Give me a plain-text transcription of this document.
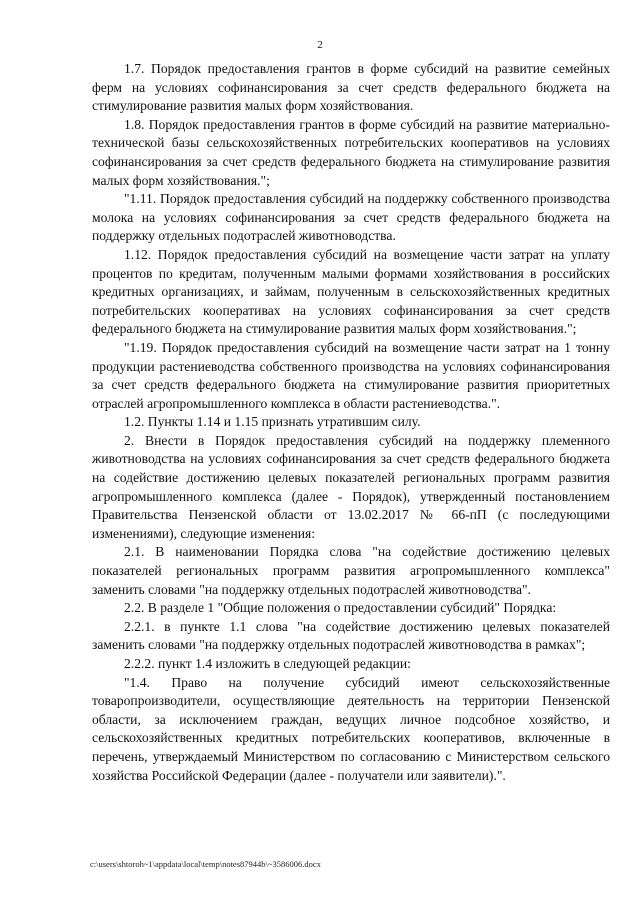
2

1.7. Порядок предоставления грантов в форме субсидий на развитие семейных ферм на условиях софинансирования за счет средств федерального бюджета на стимулирование развития малых форм хозяйствования.

1.8. Порядок предоставления грантов в форме субсидий на развитие материально-технической базы сельскохозяйственных потребительских кооперативов на условиях софинансирования за счет средств федерального бюджета на стимулирование развития малых форм хозяйствования.";

"1.11. Порядок предоставления субсидий на поддержку собственного производства молока на условиях софинансирования за счет средств федерального бюджета на поддержку отдельных подотраслей животноводства.

1.12. Порядок предоставления субсидий на возмещение части затрат на уплату процентов по кредитам, полученным малыми формами хозяйствования в российских кредитных организациях, и займам, полученным в сельскохозяйственных кредитных потребительских кооперативах на условиях софинансирования за счет средств федерального бюджета на стимулирование развития малых форм хозяйствования.";

"1.19. Порядок предоставления субсидий на возмещение части затрат на 1 тонну продукции растениеводства собственного производства на условиях софинансирования за счет средств федерального бюджета на стимулирование развития приоритетных отраслей агропромышленного комплекса в области растениеводства.".

1.2. Пункты 1.14 и 1.15 признать утратившим силу.

2. Внести в Порядок предоставления субсидий на поддержку племенного животноводства на условиях софинансирования за счет средств федерального бюджета на содействие достижению целевых показателей региональных программ развития агропромышленного комплекса (далее - Порядок), утвержденный постановлением Правительства Пензенской области от 13.02.2017 № 66-пП (с последующими изменениями), следующие изменения:

2.1. В наименовании Порядка слова "на содействие достижению целевых показателей региональных программ развития агропромышленного комплекса" заменить словами "на поддержку отдельных подотраслей животноводства".

2.2. В разделе 1 "Общие положения о предоставлении субсидий" Порядка:

2.2.1. в пункте 1.1 слова "на содействие достижению целевых показателей заменить словами "на поддержку отдельных подотраслей животноводства в рамках";

2.2.2. пункт 1.4 изложить в следующей редакции:

"1.4. Право на получение субсидий имеют сельскохозяйственные товаропроизводители, осуществляющие деятельность на территории Пензенской области, за исключением граждан, ведущих личное подсобное хозяйство, и сельскохозяйственных кредитных потребительских кооперативов, включенные в перечень, утверждаемый Министерством по согласованию с Министерством сельского хозяйства Российской Федерации (далее - получатели или заявители).".

c:\users\shtoroh~1\appdata\local\temp\notes87944b\~3586006.docx
